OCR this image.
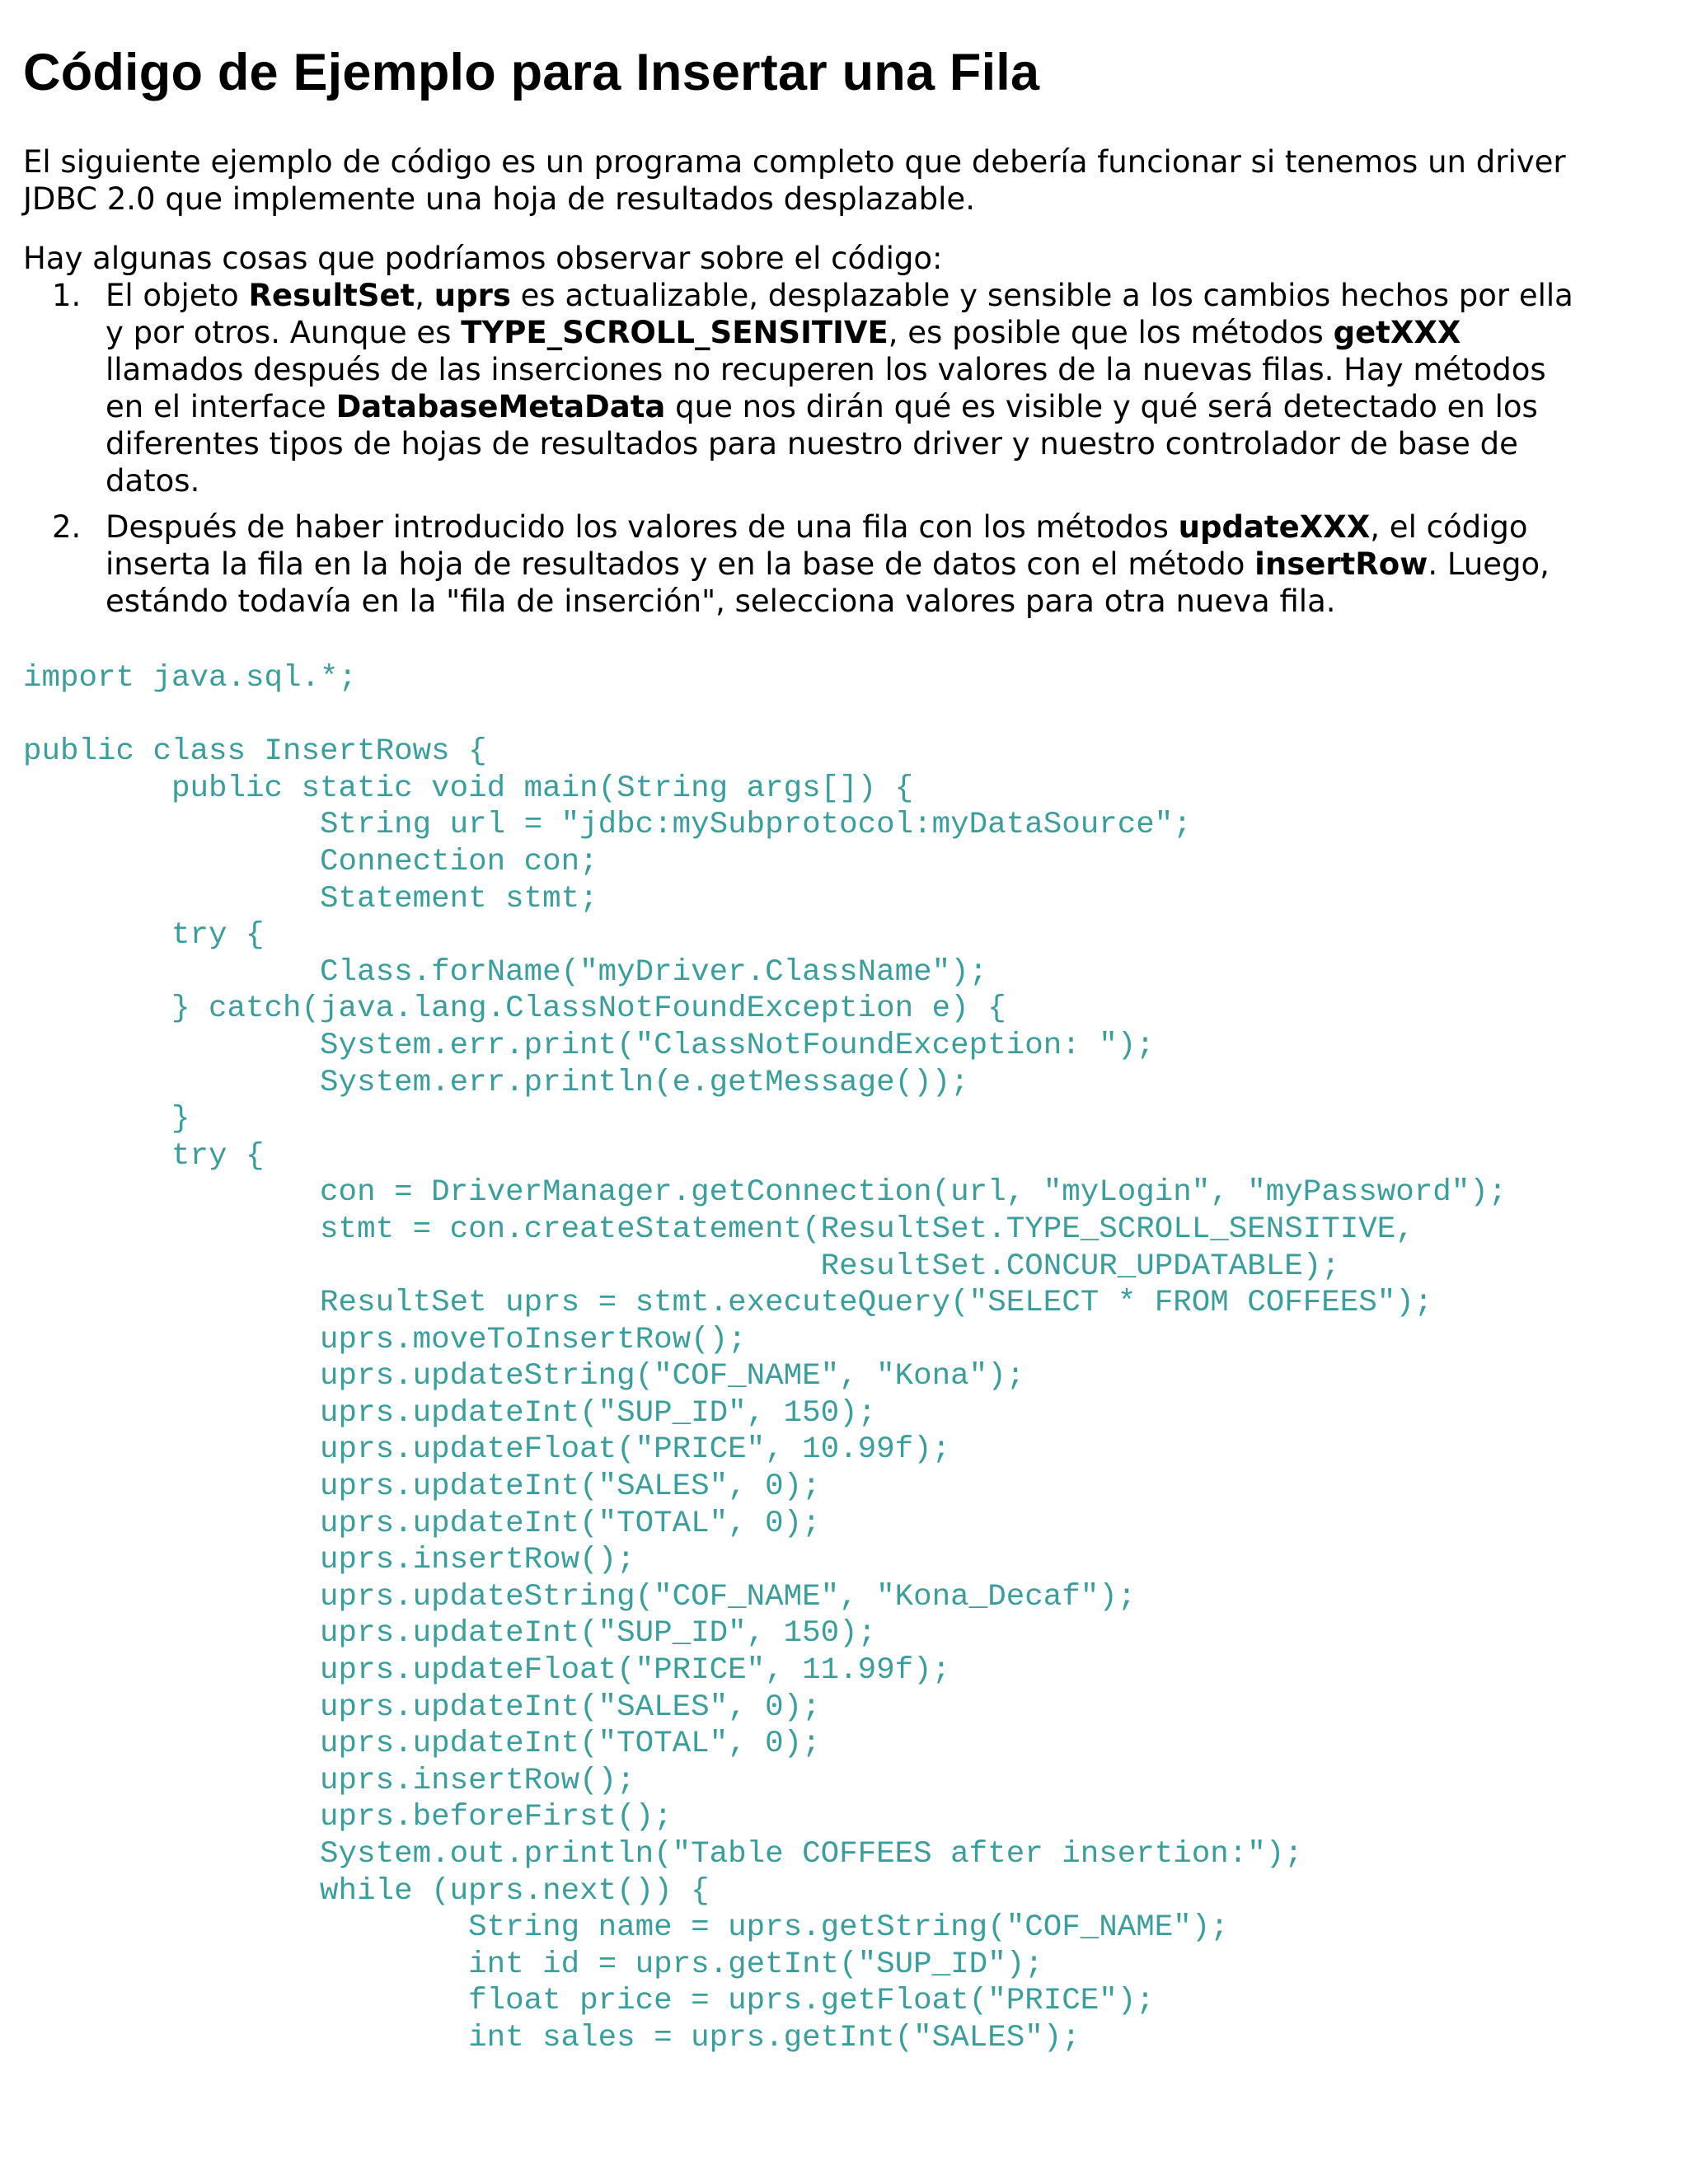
Código de Ejemplo para Insertar una Fila

El siguiente ejemplo de código es un programa completo que debería funcionar si tenemos un driver
JDBC 2.0 que implemente una hoja de resultados desplazable.

Hay algunas cosas que podríamos observar sobre el código:

1. El objeto ResultSet, uprs es actualizable, desplazable y sensible a los cambios hechos por ella
y por otros. Aunque es TYPE_SCROLL_SENSITIVE, es posible que los métodos getXXX
llamados después de las inserciones no recuperen los valores de la nuevas filas. Hay métodos
en el interface DatabaseMetaData que nos dirán qué es visible y qué será detectado en los
diferentes tipos de hojas de resultados para nuestro driver y nuestro controlador de base de
datos.
2. Después de haber introducido los valores de una fila con los métodos updateXXX, el código
inserta la fila en la hoja de resultados y en la base de datos con el método insertRow. Luego,
estándo todavía en la "fila de inserción", selecciona valores para otra nueva fila.
import java.sql.*;
public class InsertRows {
public static void main(String args[]) {
String url = "jdbc:mySubprotocol:myDataSource";
Connection con;
Statement stmt;
try {
Class.forName("myDriver.ClassName");
} catch(java.lang.ClassNotFoundException e) {
System.err.print("ClassNotFoundException: ");
System.err.println(e.getMessage());
}
try {
con = DriverManager.getConnection(url, "myLogin", "myPassword");
stmt = con.createStatement(ResultSet.TYPE_SCROLL_SENSITIVE,
ResultSet.CONCUR_UPDATABLE);
ResultSet uprs = stmt.executeQuery("SELECT * FROM COFFEES");
uprs.moveToInsertRow();
uprs.updateString("COF_NAME", "Kona");
uprs.updateInt("SUP_ID", 150);
uprs.updateFloat("PRICE", 10.99f);
uprs.updateInt("SALES", 0);
uprs.updateInt("TOTAL", 0);
uprs.insertRow();
uprs.updateString("COF_NAME", "Kona_Decaf");
uprs.updateInt("SUP_ID", 150);
uprs.updateFloat("PRICE", 11.99f);
uprs.updateInt("SALES", 0);
uprs.updateInt("TOTAL", 0);
uprs.insertRow();
uprs.beforeFirst();
System.out.println("Table COFFEES after insertion:");
while (uprs.next()) {
String name = uprs.getString("COF_NAME");
int id = uprs.getInt("SUP_ID");
float price = uprs.getFloat("PRICE");
int sales = uprs.getInt("SALES");
